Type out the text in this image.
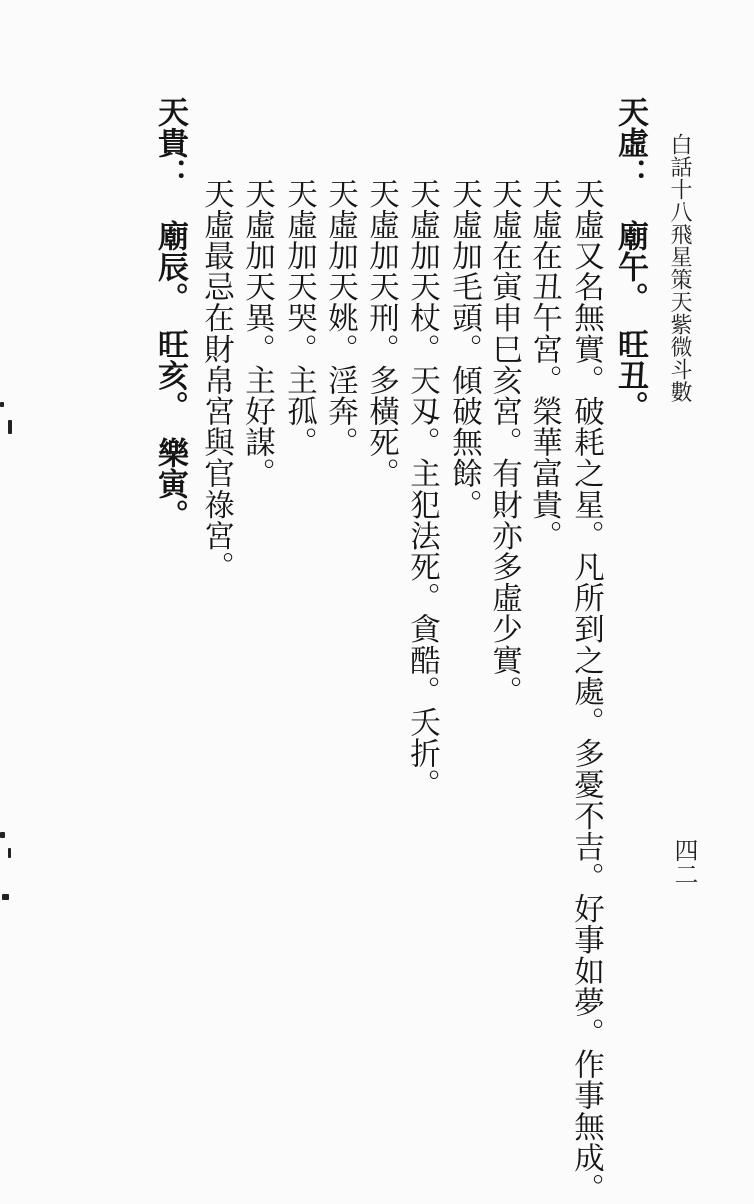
白話十八飛星策天紫微斗數
四二
天虛：　廟午。　旺丑。
天虛又名無實。破耗之星。凡所到之處。多憂不吉。好事如夢。作事無成。
天虛在丑午宮。榮華富貴。
天虛在寅申巳亥宮。有財亦多虛少實。
天虛加毛頭。傾破無餘。
天虛加天杖。天刄。主犯法死。貪酷。夭折。
天虛加天刑。多橫死。
天虛加天姚。淫奔。
天虛加天哭。主孤。
天虛加天異。主好謀。
天虛最忌在財帛宮與官祿宮。
天貴：　廟辰。　旺亥。　樂寅。
